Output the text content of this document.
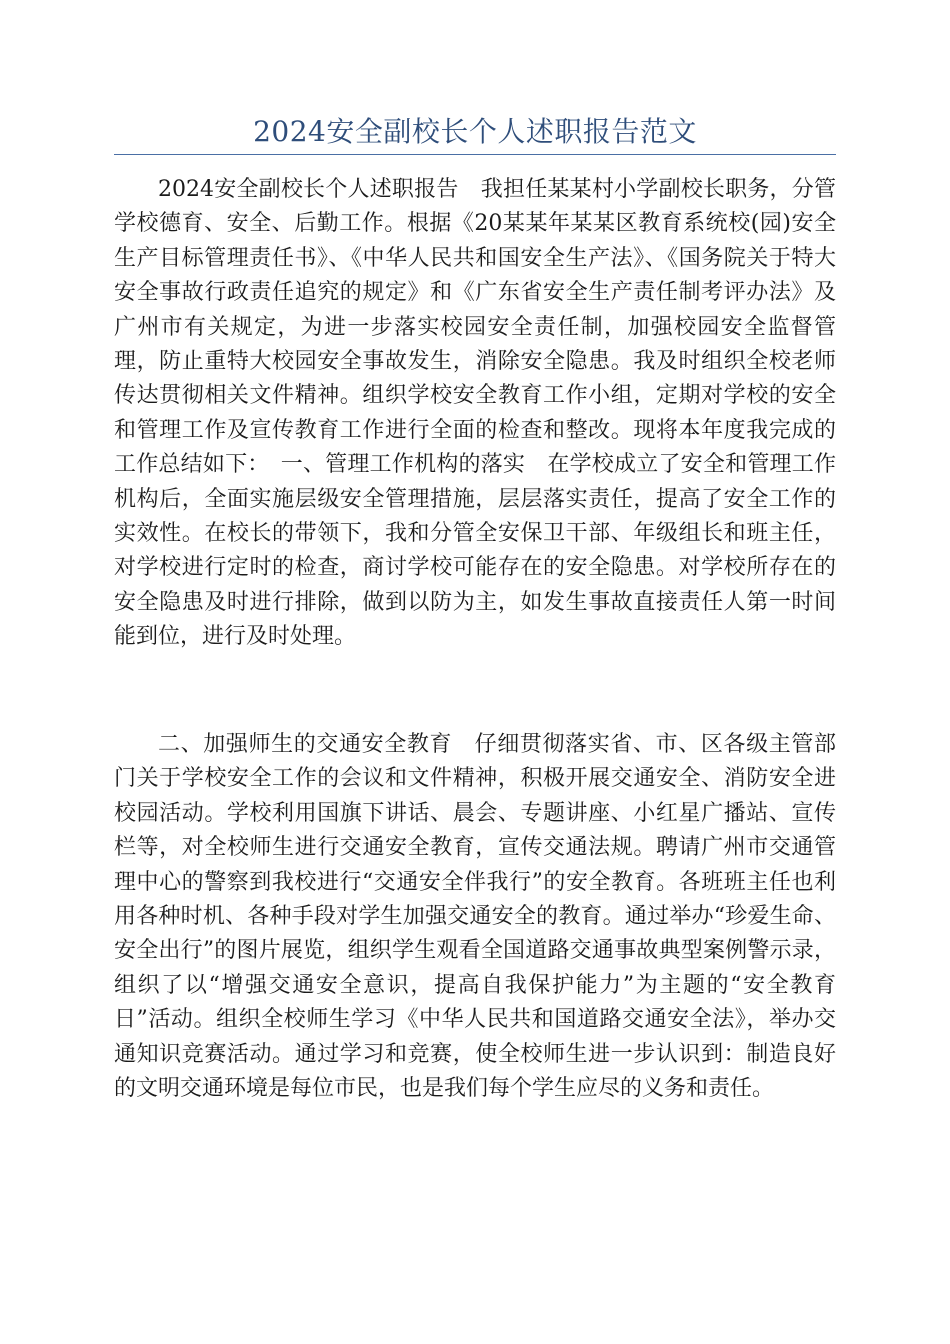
2024安全副校长个人述职报告范文

2024安全副校长个人述职报告　我担任某某村小学副校长职务，分管学校德育、安全、后勤工作。根据《20某某年某某区教育系统校(园)安全生产目标管理责任书》、《中华人民共和国安全生产法》、《国务院关于特大安全事故行政责任追究的规定》和《广东省安全生产责任制考评办法》及广州市有关规定，为进一步落实校园安全责任制，加强校园安全监督管理，防止重特大校园安全事故发生，消除安全隐患。我及时组织全校老师传达贯彻相关文件精神。组织学校安全教育工作小组，定期对学校的安全和管理工作及宣传教育工作进行全面的检查和整改。现将本年度我完成的工作总结如下：　一、管理工作机构的落实　在学校成立了安全和管理工作机构后，全面实施层级安全管理措施，层层落实责任，提高了安全工作的实效性。在校长的带领下，我和分管全安保卫干部、年级组长和班主任，对学校进行定时的检查，商讨学校可能存在的安全隐患。对学校所存在的安全隐患及时进行排除，做到以防为主，如发生事故直接责任人第一时间能到位，进行及时处理。

二、加强师生的交通安全教育　仔细贯彻落实省、市、区各级主管部门关于学校安全工作的会议和文件精神，积极开展交通安全、消防安全进校园活动。学校利用国旗下讲话、晨会、专题讲座、小红星广播站、宣传栏等，对全校师生进行交通安全教育，宣传交通法规。聘请广州市交通管理中心的警察到我校进行“交通安全伴我行”的安全教育。各班班主任也利用各种时机、各种手段对学生加强交通安全的教育。通过举办“珍爱生命、安全出行”的图片展览，组织学生观看全国道路交通事故典型案例警示录，组织了以“增强交通安全意识，提高自我保护能力”为主题的“安全教育日”活动。组织全校师生学习《中华人民共和国道路交通安全法》，举办交通知识竞赛活动。通过学习和竞赛，使全校师生进一步认识到：制造良好的文明交通环境是每位市民，也是我们每个学生应尽的义务和责任。
